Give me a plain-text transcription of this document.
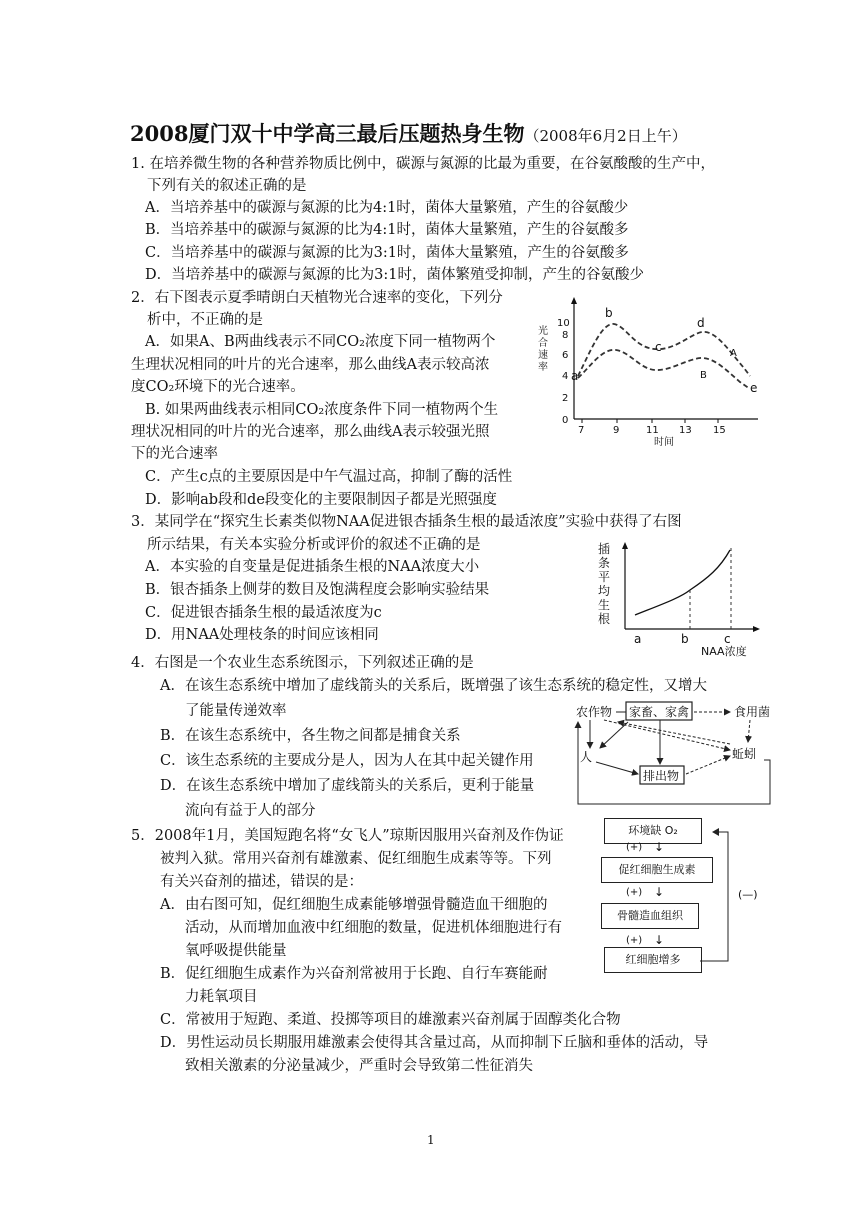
2008厦门双十中学高三最后压题热身生物（2008年6月2日上午）
1. 在培养微生物的各种营养物质比例中，碳源与氮源的比最为重要，在谷氨酸酸的生产中，
下列有关的叙述正确的是
A．当培养基中的碳源与氮源的比为4:1时，菌体大量繁殖，产生的谷氨酸少
B．当培养基中的碳源与氮源的比为4:1时，菌体大量繁殖，产生的谷氨酸多
C．当培养基中的碳源与氮源的比为3:1时，菌体大量繁殖，产生的谷氨酸多
D．当培养基中的碳源与氮源的比为3:1时，菌体繁殖受抑制，产生的谷氨酸少
2．右下图表示夏季晴朗白天植物光合速率的变化，下列分
析中，不正确的是
A．如果A、B两曲线表示不同CO₂浓度下同一植物两个
生理状况相同的叶片的光合速率，那么曲线A表示较高浓
度CO₂环境下的光合速率。
B. 如果两曲线表示相同CO₂浓度条件下同一植物两个生
理状况相同的叶片的光合速率，那么曲线A表示较强光照
下的光合速率
C．产生c点的主要原因是中午气温过高，抑制了酶的活性
D．影响ab段和de段变化的主要限制因子都是光照强度
光
合
速
率
0
2
4
6
8
10
7	9	11 13 15
时间
a
b
c
d
e
A
B
3．某同学在“探究生长素类似物NAA促进银杏插条生根的最适浓度”实验中获得了右图
所示结果，有关本实验分析或评价的叙述不正确的是
A．本实验的自变量是促进插条生根的NAA浓度大小
B．银杏插条上侧芽的数目及饱满程度会影响实验结果
C．促进银杏插条生根的最适浓度为c
D．用NAA处理枝条的时间应该相同
插
条
平
均
生
根
a	b	c
NAA浓度
4．右图是一个农业生态系统图示，下列叙述正确的是
A．在该生态系统中增加了虚线箭头的关系后，既增强了该生态系统的稳定性，又增大
了能量传递效率
B．在该生态系统中，各生物之间都是捕食关系
C．该生态系统的主要成分是人，因为人在其中起关键作用
D．在该生态系统中增加了虚线箭头的关系后，更利于能量
流向有益于人的部分
农作物	食用菌
人	蚯蚓
家畜、家禽
排出物
5．2008年1月，美国短跑名将“女飞人”琼斯因服用兴奋剂及作伪证
被判入狱。常用兴奋剂有雄激素、促红细胞生成素等等。下列
有关兴奋剂的描述，错误的是：
A．由右图可知，促红细胞生成素能够增强骨髓造血干细胞的
活动，从而增加血液中红细胞的数量，促进机体细胞进行有
氧呼吸提供能量
B．促红细胞生成素作为兴奋剂常被用于长跑、自行车赛能耐
力耗氧项目
C．常被用于短跑、柔道、投掷等项目的雄激素兴奋剂属于固醇类化合物
D．男性运动员长期服用雄激素会使得其含量过高，从而抑制下丘脑和垂体的活动，导
致相关激素的分泌量减少，严重时会导致第二性征消失
环境缺 O₂
(+) ↓
促红细胞生成素
(+) ↓
骨髓造血组织
(+) ↓
红细胞增多
(—)
1
